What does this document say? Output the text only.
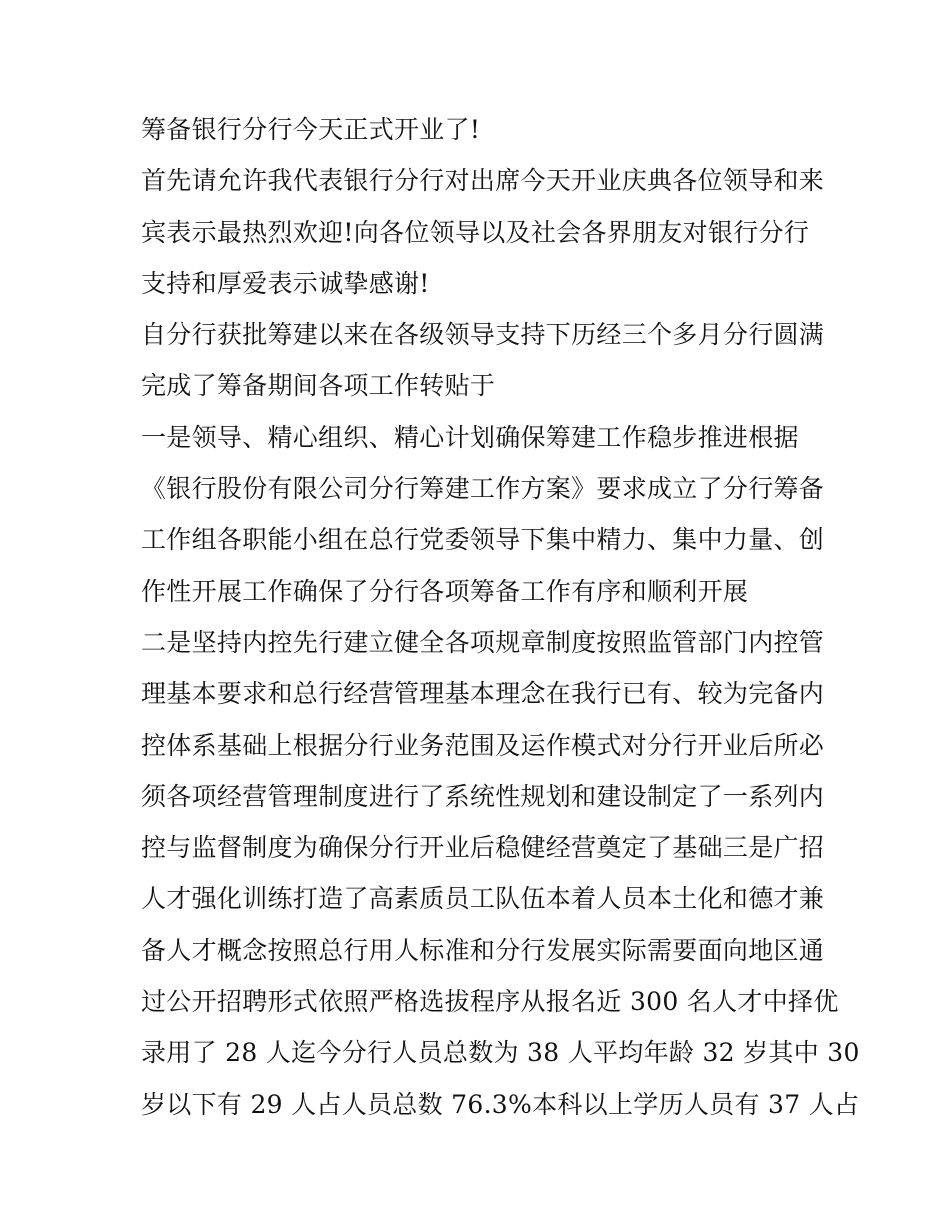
筹备银行分行今天正式开业了!
首先请允许我代表银行分行对出席今天开业庆典各位领导和来
宾表示最热烈欢迎!向各位领导以及社会各界朋友对银行分行
支持和厚爱表示诚挚感谢!
自分行获批筹建以来在各级领导支持下历经三个多月分行圆满
完成了筹备期间各项工作转贴于
一是领导、精心组织、精心计划确保筹建工作稳步推进根据
《银行股份有限公司分行筹建工作方案》要求成立了分行筹备
工作组各职能小组在总行党委领导下集中精力、集中力量、创
作性开展工作确保了分行各项筹备工作有序和顺利开展
二是坚持内控先行建立健全各项规章制度按照监管部门内控管
理基本要求和总行经营管理基本理念在我行已有、较为完备内
控体系基础上根据分行业务范围及运作模式对分行开业后所必
须各项经营管理制度进行了系统性规划和建设制定了一系列内
控与监督制度为确保分行开业后稳健经营奠定了基础三是广招
人才强化训练打造了高素质员工队伍本着人员本土化和德才兼
备人才概念按照总行用人标准和分行发展实际需要面向地区通
过公开招聘形式依照严格选拔程序从报名近 300 名人才中择优
录用了 28 人迄今分行人员总数为 38 人平均年龄 32 岁其中 30
岁以下有 29 人占人员总数 76.3%本科以上学历人员有 37 人占
